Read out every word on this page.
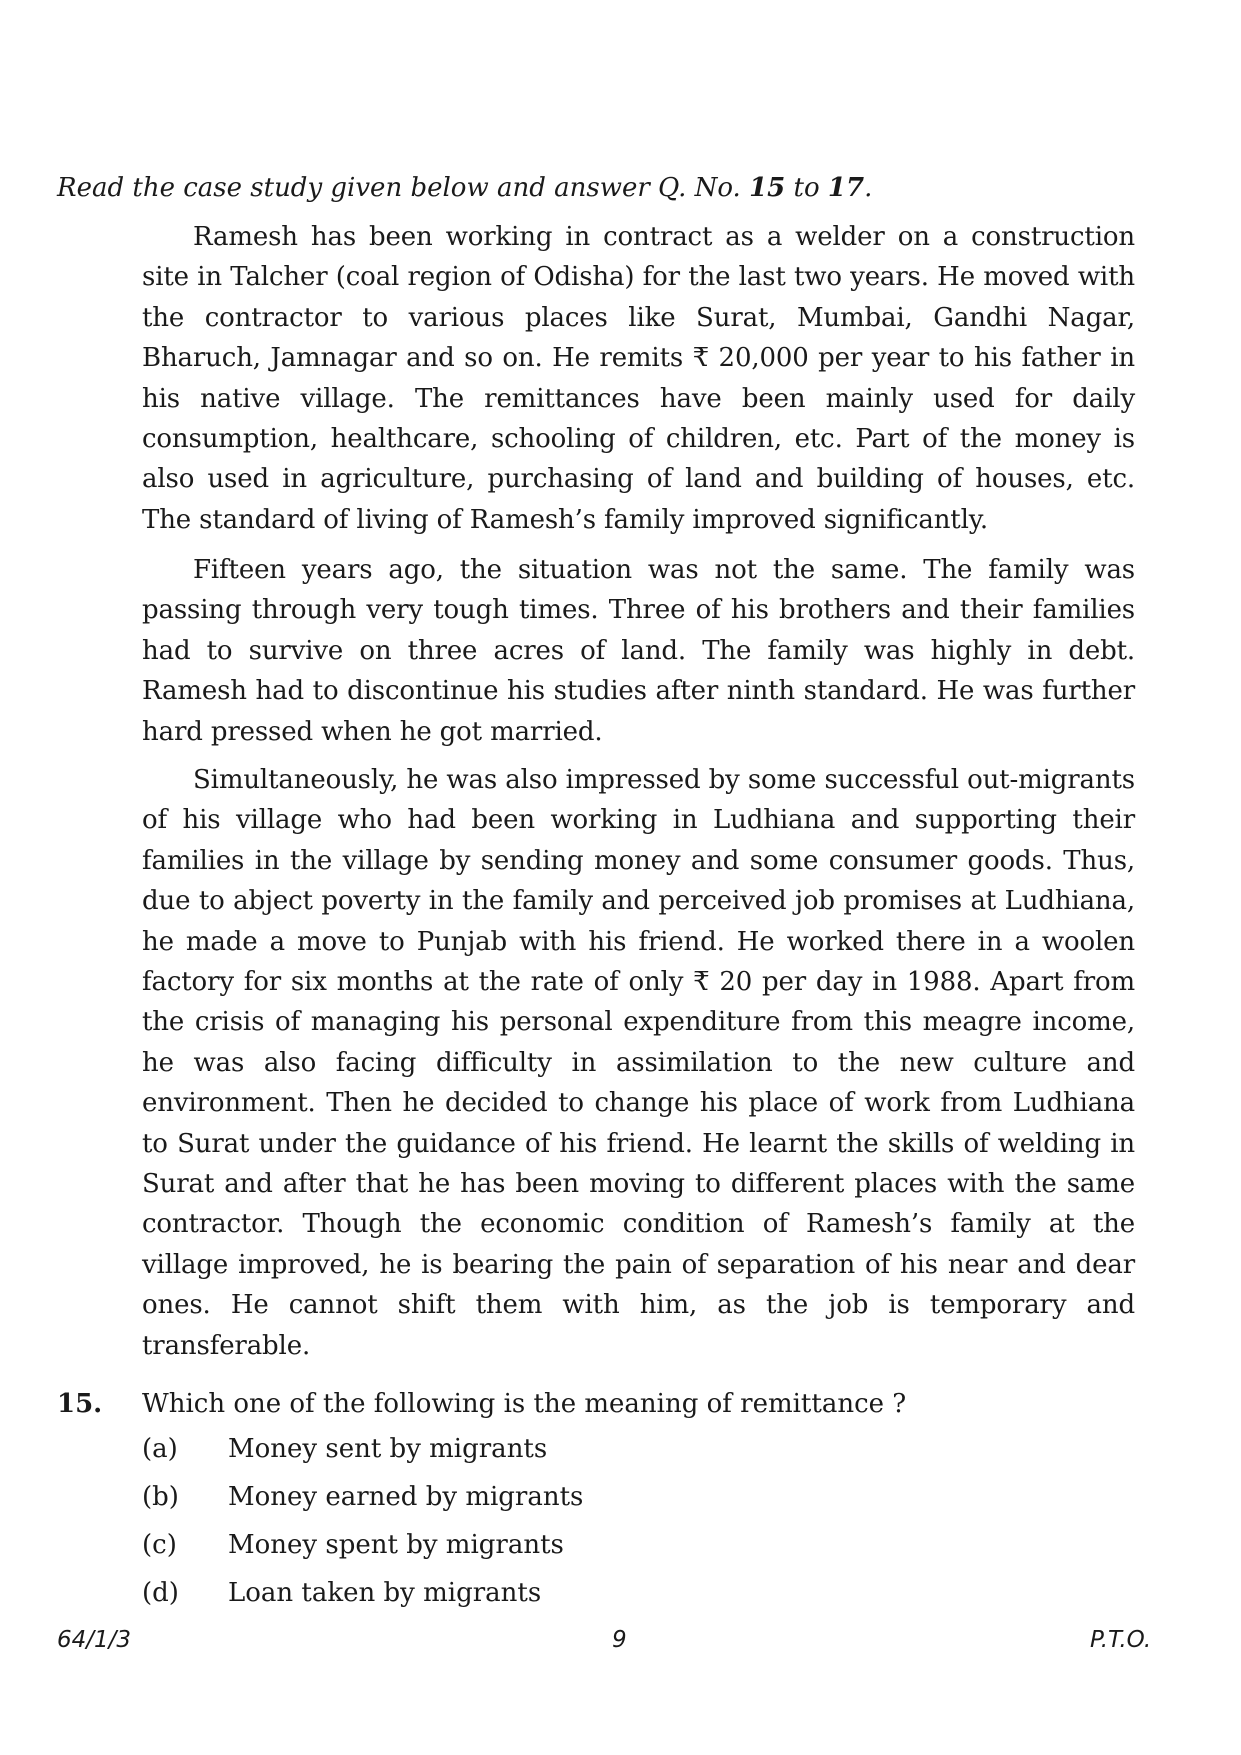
Read the case study given below and answer Q. No. 15 to 17.

Ramesh has been working in contract as a welder on a construction site in Talcher (coal region of Odisha) for the last two years. He moved with the contractor to various places like Surat, Mumbai, Gandhi Nagar, Bharuch, Jamnagar and so on. He remits ₹ 20,000 per year to his father in his native village. The remittances have been mainly used for daily consumption, healthcare, schooling of children, etc. Part of the money is also used in agriculture, purchasing of land and building of houses, etc. The standard of living of Ramesh’s family improved significantly.

Fifteen years ago, the situation was not the same. The family was passing through very tough times. Three of his brothers and their families had to survive on three acres of land. The family was highly in debt. Ramesh had to discontinue his studies after ninth standard. He was further hard pressed when he got married.

Simultaneously, he was also impressed by some successful out-migrants of his village who had been working in Ludhiana and supporting their families in the village by sending money and some consumer goods. Thus, due to abject poverty in the family and perceived job promises at Ludhiana, he made a move to Punjab with his friend. He worked there in a woolen factory for six months at the rate of only ₹ 20 per day in 1988. Apart from the crisis of managing his personal expenditure from this meagre income, he was also facing difficulty in assimilation to the new culture and environment. Then he decided to change his place of work from Ludhiana to Surat under the guidance of his friend. He learnt the skills of welding in Surat and after that he has been moving to different places with the same contractor. Though the economic condition of Ramesh’s family at the village improved, he is bearing the pain of separation of his near and dear ones. He cannot shift them with him, as the job is temporary and transferable.

15. Which one of the following is the meaning of remittance ?
(a) Money sent by migrants
(b) Money earned by migrants
(c) Money spent by migrants
(d) Loan taken by migrants
64/1/3	9	P.T.O.
